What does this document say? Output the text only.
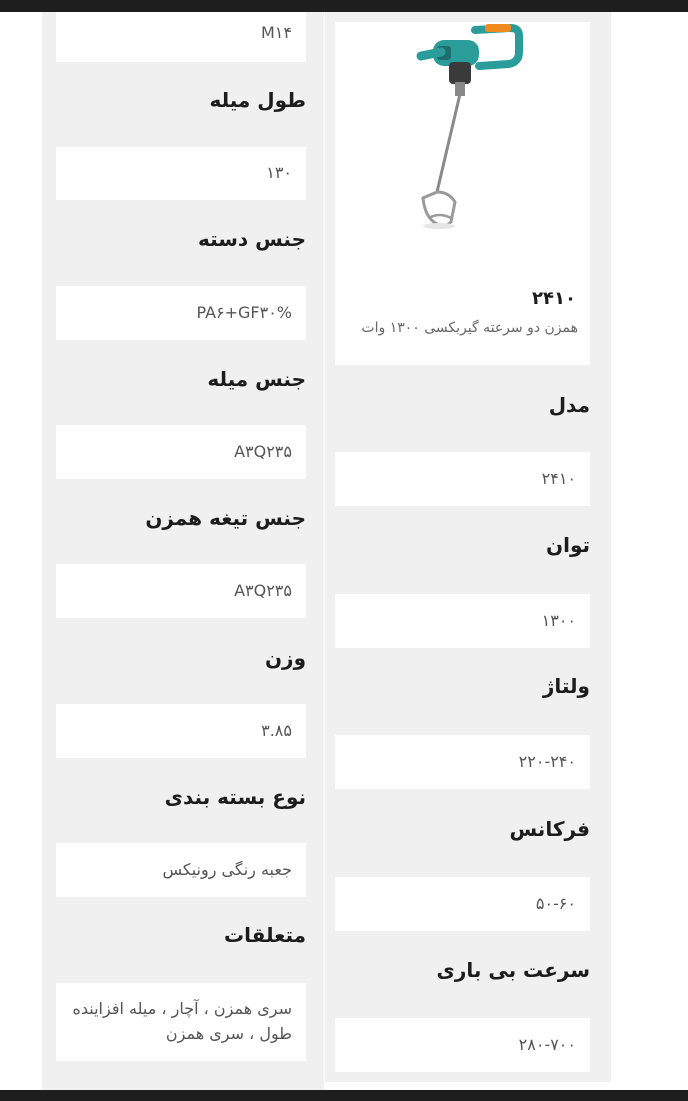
M۱۴
طول میله
۱۳۰
جنس دسته
PA۶+GF۳۰%
جنس میله
A۳Q۲۳۵
جنس تیغه همزن
A۳Q۲۳۵
وزن
۳.۸۵
نوع بسته بندی
جعبه رنگی رونیکس
متعلقات
سری همزن ، آچار ، میله افزاینده طول ، سری همزن
۲۴۱۰
همزن دو سرعته گیربکسی ۱۳۰۰ وات
مدل
۲۴۱۰
توان
۱۳۰۰
ولتاژ
۲۲۰-۲۴۰
فرکانس
۵۰-۶۰
سرعت بی باری
۲۸۰-۷۰۰
